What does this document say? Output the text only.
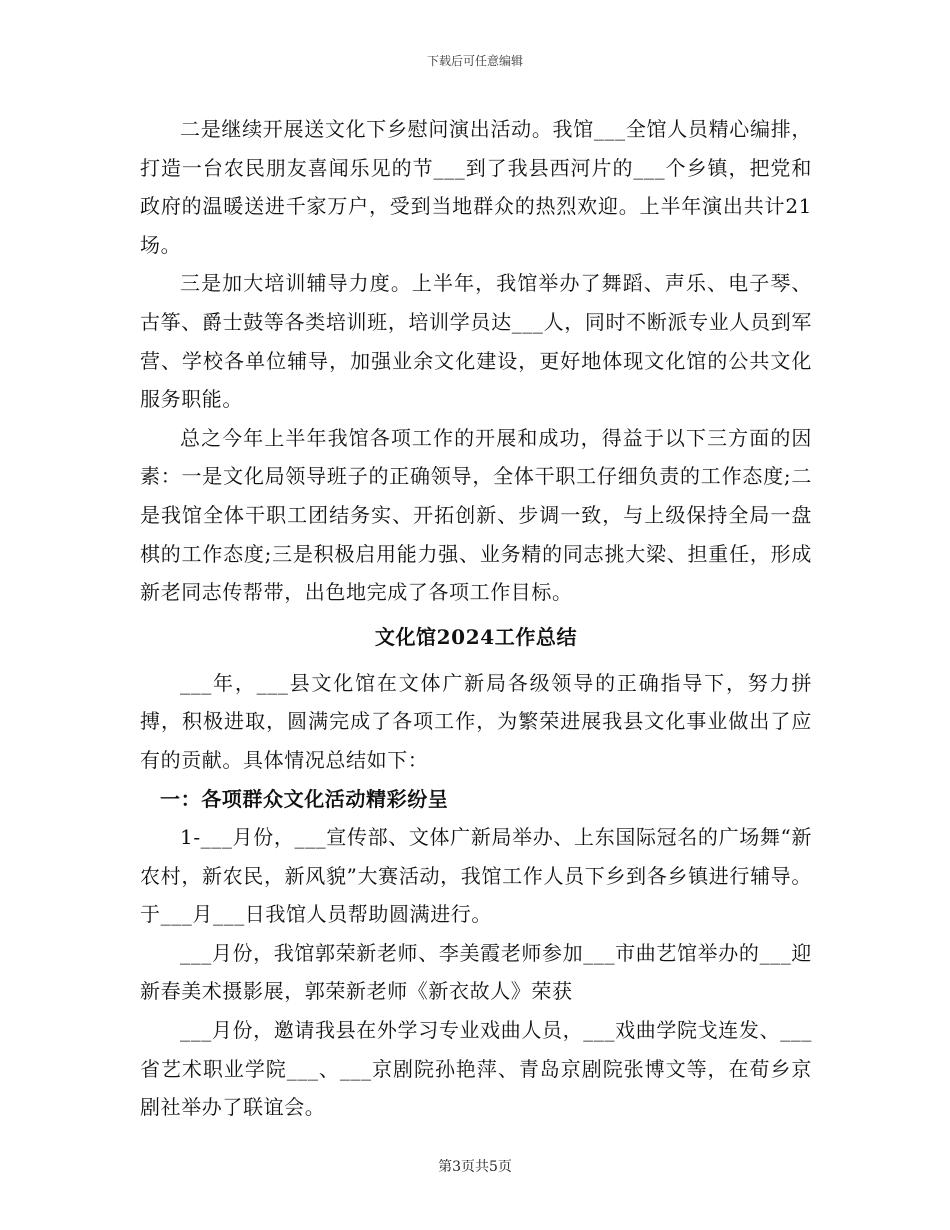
下载后可任意编辑

二是继续开展送文化下乡慰问演出活动。我馆___全馆人员精心编排，打造一台农民朋友喜闻乐见的节___到了我县西河片的___个乡镇，把党和政府的温暖送进千家万户，受到当地群众的热烈欢迎。上半年演出共计21场。

三是加大培训辅导力度。上半年，我馆举办了舞蹈、声乐、电子琴、古筝、爵士鼓等各类培训班，培训学员达___人，同时不断派专业人员到军营、学校各单位辅导，加强业余文化建设，更好地体现文化馆的公共文化服务职能。

总之今年上半年我馆各项工作的开展和成功，得益于以下三方面的因素：一是文化局领导班子的正确领导，全体干职工仔细负责的工作态度;二是我馆全体干职工团结务实、开拓创新、步调一致，与上级保持全局一盘棋的工作态度;三是积极启用能力强、业务精的同志挑大梁、担重任，形成新老同志传帮带，出色地完成了各项工作目标。

文化馆2024工作总结

___年，___县文化馆在文体广新局各级领导的正确指导下，努力拼搏，积极进取，圆满完成了各项工作，为繁荣进展我县文化事业做出了应有的贡献。具体情况总结如下：

一：各项群众文化活动精彩纷呈

1-___月份，___宣传部、文体广新局举办、上东国际冠名的广场舞“新农村，新农民，新风貌”大赛活动，我馆工作人员下乡到各乡镇进行辅导。于___月___日我馆人员帮助圆满进行。

___月份，我馆郭荣新老师、李美霞老师参加___市曲艺馆举办的___迎新春美术摄影展，郭荣新老师《新衣故人》荣获

___月份，邀请我县在外学习专业戏曲人员，___戏曲学院戈连发、___省艺术职业学院___、___京剧院孙艳萍、青岛京剧院张博文等，在荀乡京剧社举办了联谊会。

第3页共5页
